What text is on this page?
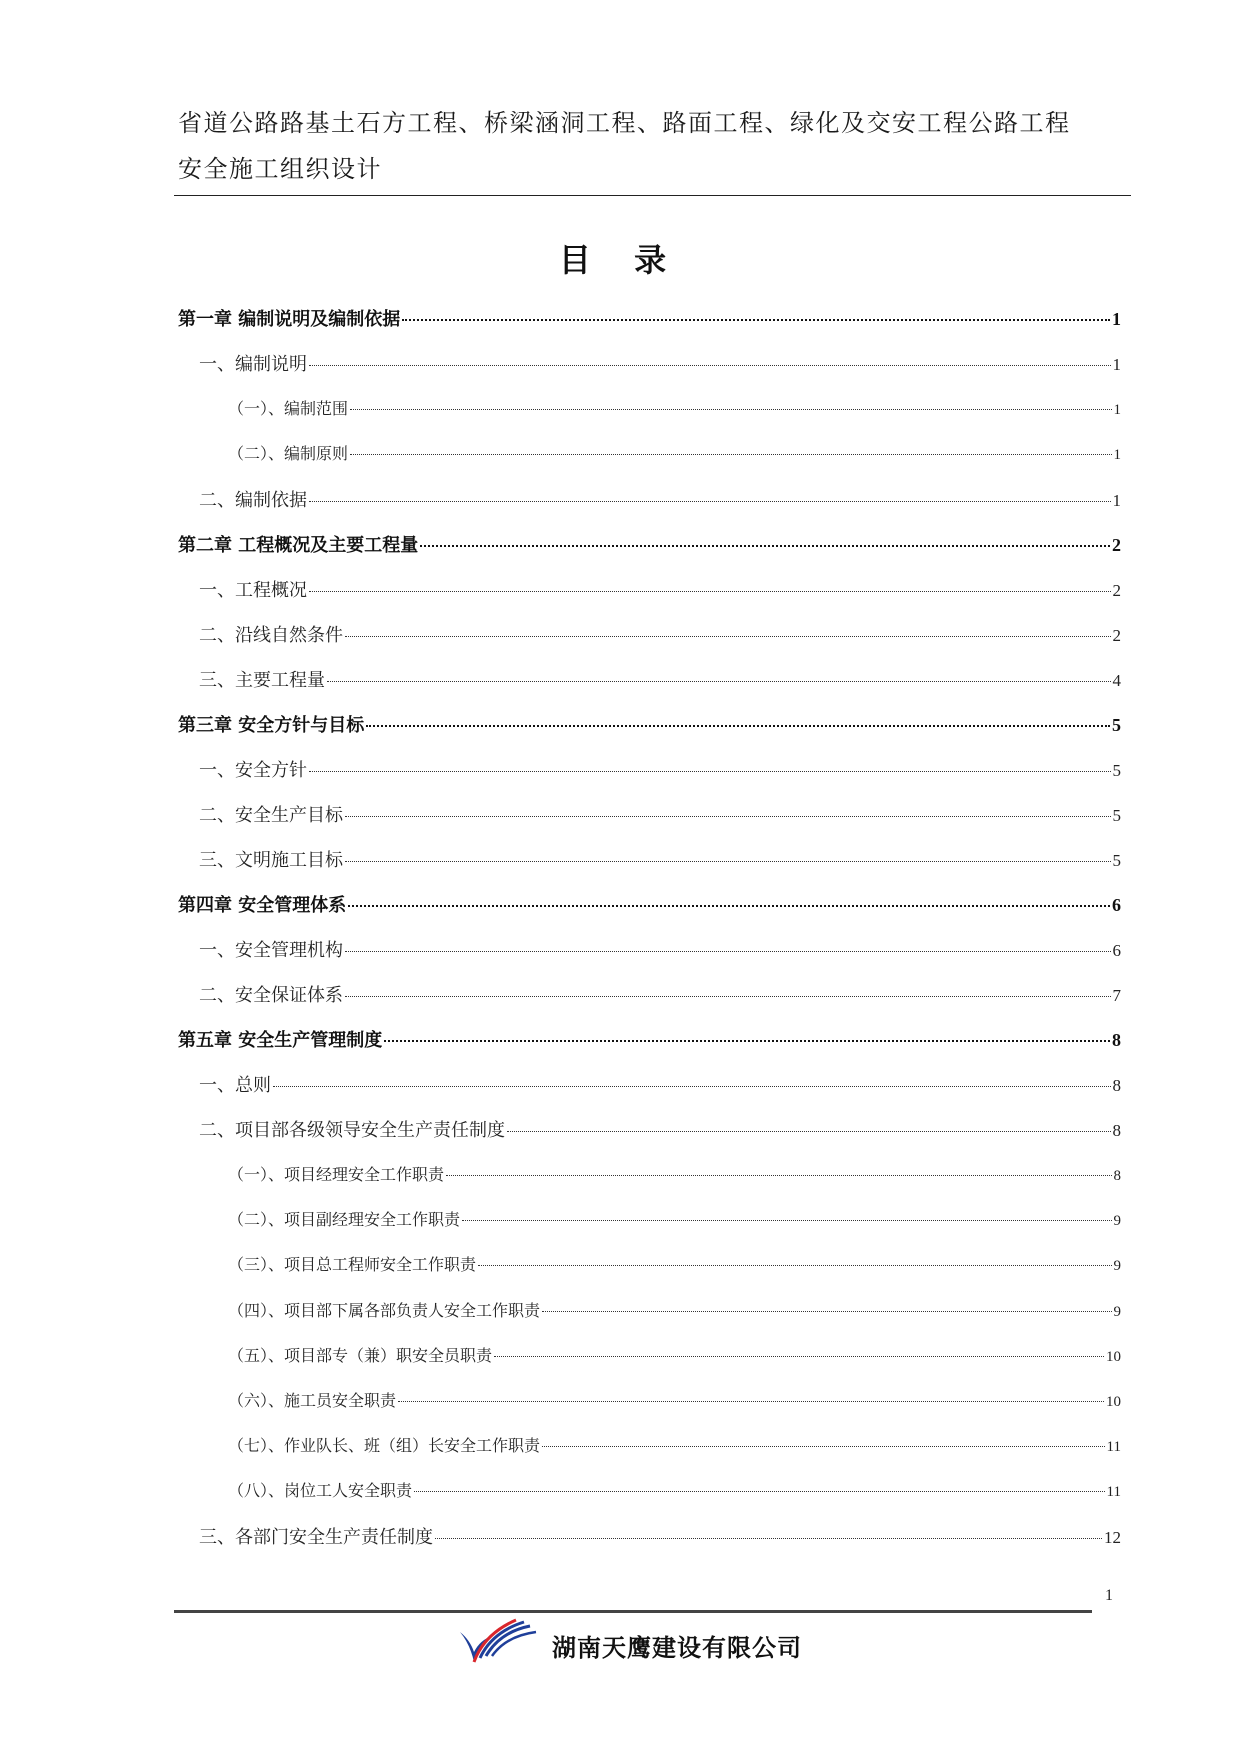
省道公路路基土石方工程、桥梁涵洞工程、路面工程、绿化及交安工程公路工程
安全施工组织设计
目 录
第一章 编制说明及编制依据	1
一、编制说明	1
（一）、编制范围	1
（二）、编制原则	1
二、编制依据	1
第二章 工程概况及主要工程量	2
一、工程概况	2
二、沿线自然条件	2
三、主要工程量	4
第三章 安全方针与目标	5
一、安全方针	5
二、安全生产目标	5
三、文明施工目标	5
第四章 安全管理体系	6
一、安全管理机构	6
二、安全保证体系	7
第五章 安全生产管理制度	8
一、总则	8
二、项目部各级领导安全生产责任制度	8
（一）、项目经理安全工作职责	8
（二）、项目副经理安全工作职责	9
（三）、项目总工程师安全工作职责	9
（四）、项目部下属各部负责人安全工作职责	9
（五）、项目部专（兼）职安全员职责	10
（六）、施工员安全职责	10
（七）、作业队长、班（组）长安全工作职责	11
（八）、岗位工人安全职责	11
三、各部门安全生产责任制度	12
1
湖南天鹰建设有限公司
